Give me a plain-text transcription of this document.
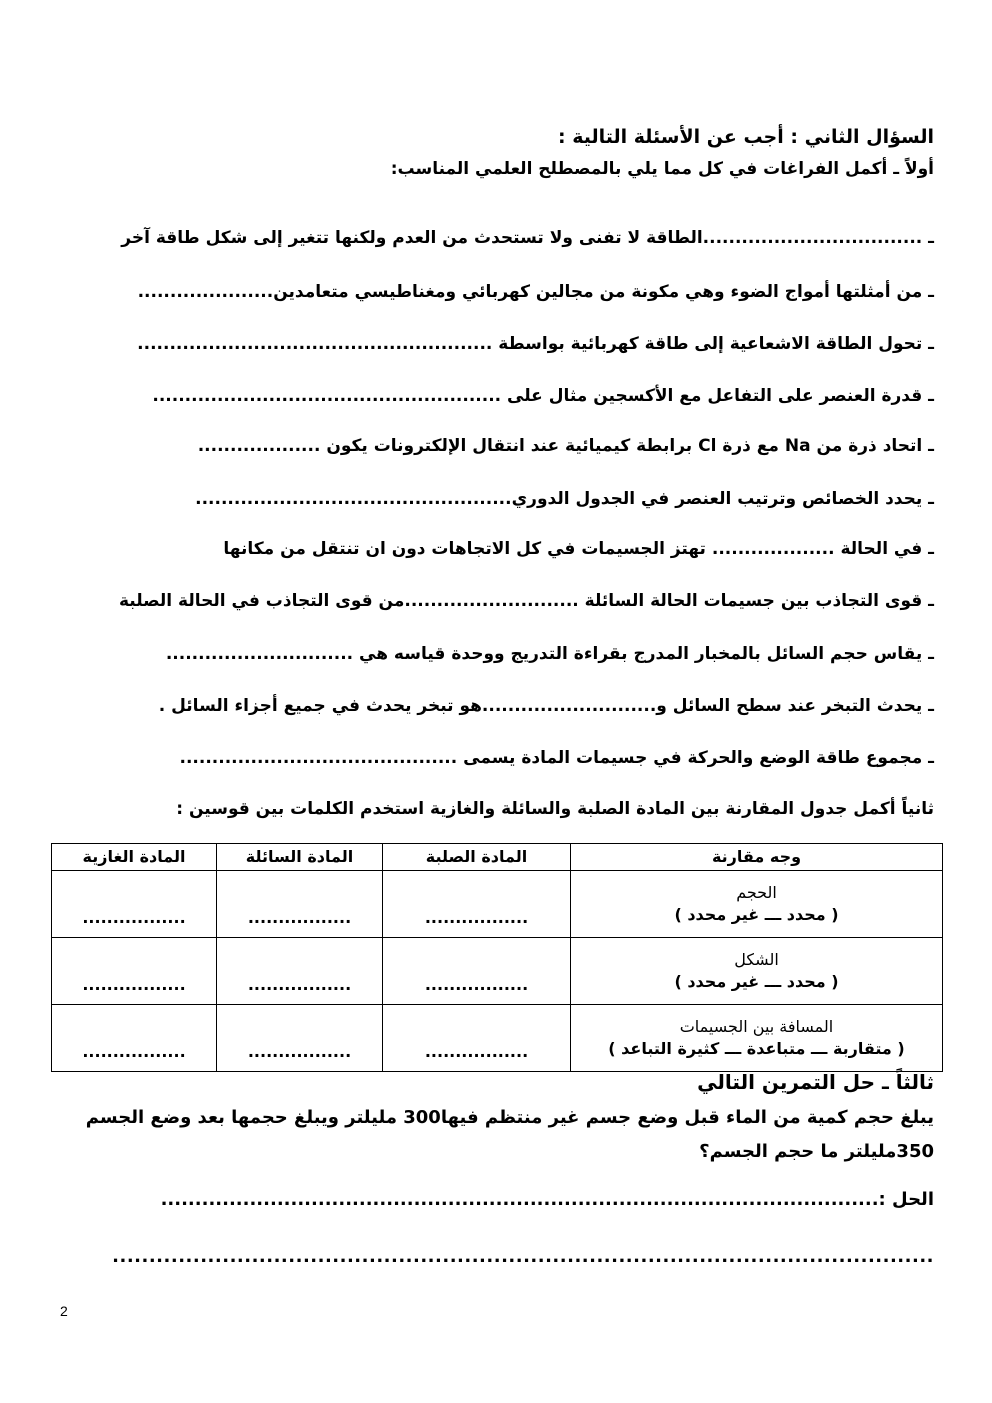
السؤال الثاني : أجب عن الأسئلة التالية :
أولاً ـ أكمل الفراغات في كل مما يلي بالمصطلح العلمي المناسب:
ـ ..................................الطاقة لا تفنى ولا تستحدث من العدم ولكنها تتغير إلى شكل طاقة آخر
ـ من أمثلتها أمواج الضوء وهي مكونة من مجالين كهربائي ومغناطيسي متعامدين.....................
ـ تحول الطاقة الاشعاعية إلى طاقة كهربائية بواسطة .......................................................
ـ قدرة العنصر على التفاعل مع الأكسجين مثال على ......................................................
ـ اتحاد ذرة من Na مع ذرة Cl برابطة كيميائية عند انتقال الإلكترونات يكون ...................
ـ يحدد الخصائص وترتيب العنصر في الجدول الدوري.................................................
ـ في الحالة ................... تهتز الجسيمات في كل الاتجاهات دون ان تنتقل من مكانها
ـ قوى التجاذب بين جسيمات الحالة السائلة ...........................من قوى التجاذب في الحالة الصلبة
ـ يقاس حجم السائل بالمخبار المدرج بقراءة التدريج ووحدة قياسه هي .............................
ـ يحدث التبخر عند سطح السائل و...........................هو تبخر يحدث في جميع أجزاء السائل .
ـ مجموع طاقة الوضع والحركة في جسيمات المادة يسمى ...........................................
ثانياً أكمل جدول المقارنة بين المادة الصلبة والسائلة والغازية استخدم الكلمات بين قوسين :
وجه مقارنة	المادة الصلبة	المادة السائلة	المادة الغازية

الحجم
( محدد ـــ غير محدد )	.................	.................	.................

الشكل
( محدد ـــ غير محدد )	.................	.................	.................

المسافة بين الجسيمات
( متقاربة ـــ متباعدة ـــ كثيرة التباعد )	.................	.................	.................
ثالثاً ـ حل التمرين التالي
يبلغ حجم كمية من الماء قبل وضع جسم غير منتظم فيها300 مليلتر ويبلغ حجمها بعد وضع الجسم
350مليلتر ما حجم الجسم؟
الحل :.........................................................................................................
................................................................................................................
2
